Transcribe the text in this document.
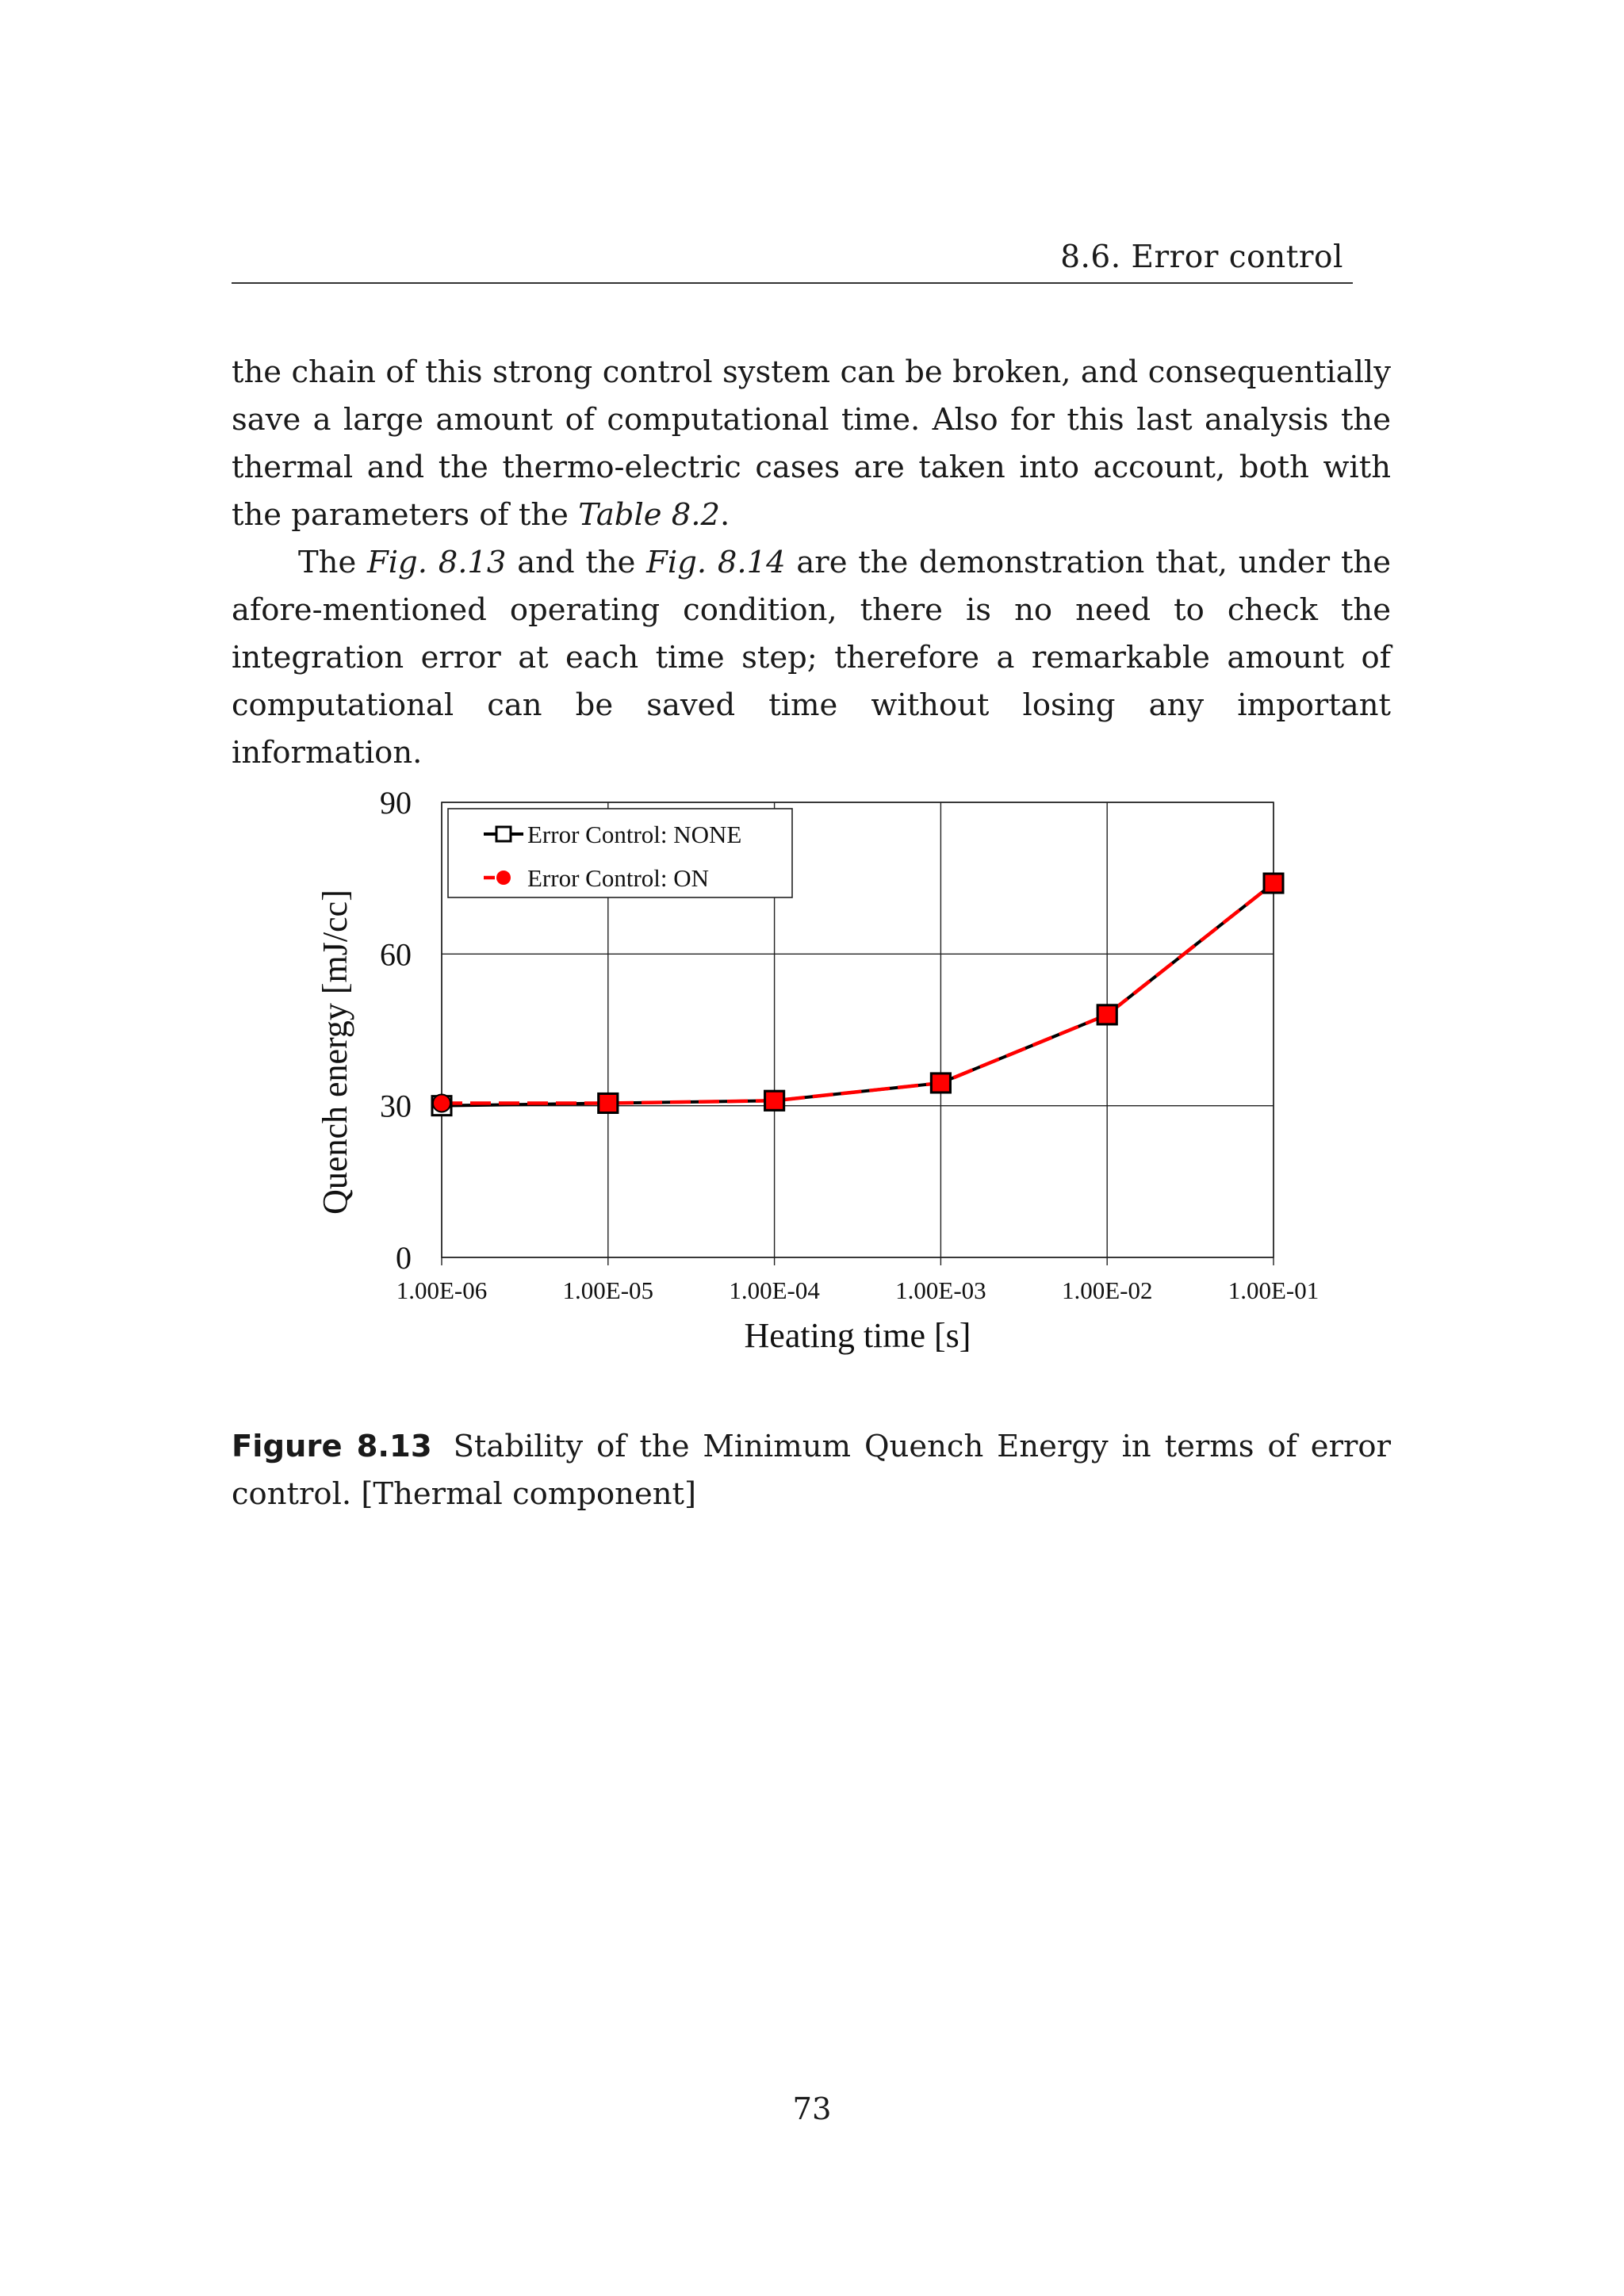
8.6. Error control

the chain of this strong control system can be broken, and consequentially save a large amount of computational time. Also for this last analysis the thermal and the thermo-electric cases are taken into account, both with the parameters of the Table 8.2.

The Fig. 8.13 and the Fig. 8.14 are the demonstration that, under the afore-mentioned operating condition, there is no need to check the integration error at each time step; therefore a remarkable amount of computational can be saved time without losing any important information.

0
30
60
90
1.00E-06	1.00E-05	1.00E-04	1.00E-03	1.00E-02	1.00E-01
Error Control: NONE
Error Control: ON
Heating time [s]
Quench energy [mJ/cc]
Figure 8.13 Stability of the Minimum Quench Energy in terms of error control. [Thermal component]
73
